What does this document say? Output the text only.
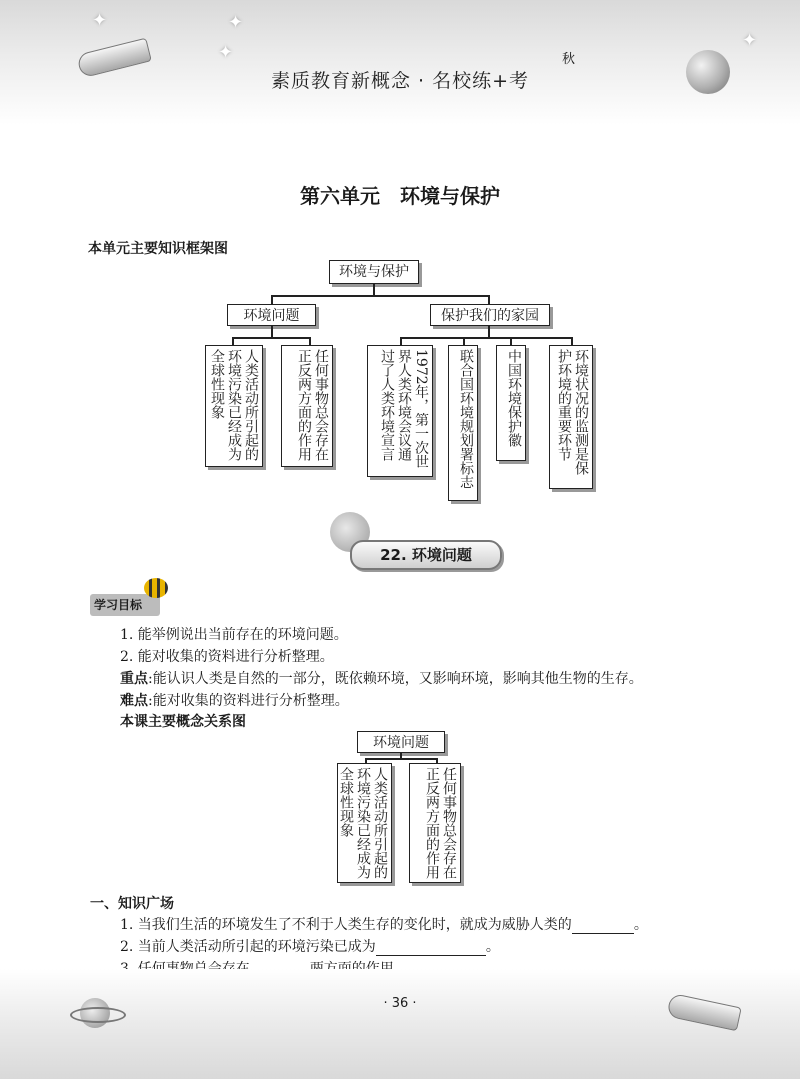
✦
✦
✦
✦
素质教育新概念 · 名校练+考
秋
第六单元　环境与保护
本单元主要知识框架图
环境与保护
环境问题	保护我们的家园
人类活动所引起的环境污染已经成为全球性现象	任何事物总会存在正反两方面的作用	1972年，第一次世界人类环境会议通过了人类环境宣言	联合国环境规划署标志	中国环境保护徽	环境状况的监测是保护环境的重要环节
22. 环境问题
学习目标
1. 能举例说出当前存在的环境问题。
2. 能对收集的资料进行分析整理。
重点:能认识人类是自然的一部分，既依赖环境，又影响环境，影响其他生物的生存。
难点:能对收集的资料进行分析整理。
本课主要概念关系图
环境问题
人类活动所引起的环境污染已经成为全球性现象	任何事物总会存在正反两方面的作用
一、知识广场
1. 当我们生活的环境发生了不利于人类生存的变化时，就成为威胁人类的	。
2. 当前人类活动所引起的环境污染已成为	。
· 36 ·
